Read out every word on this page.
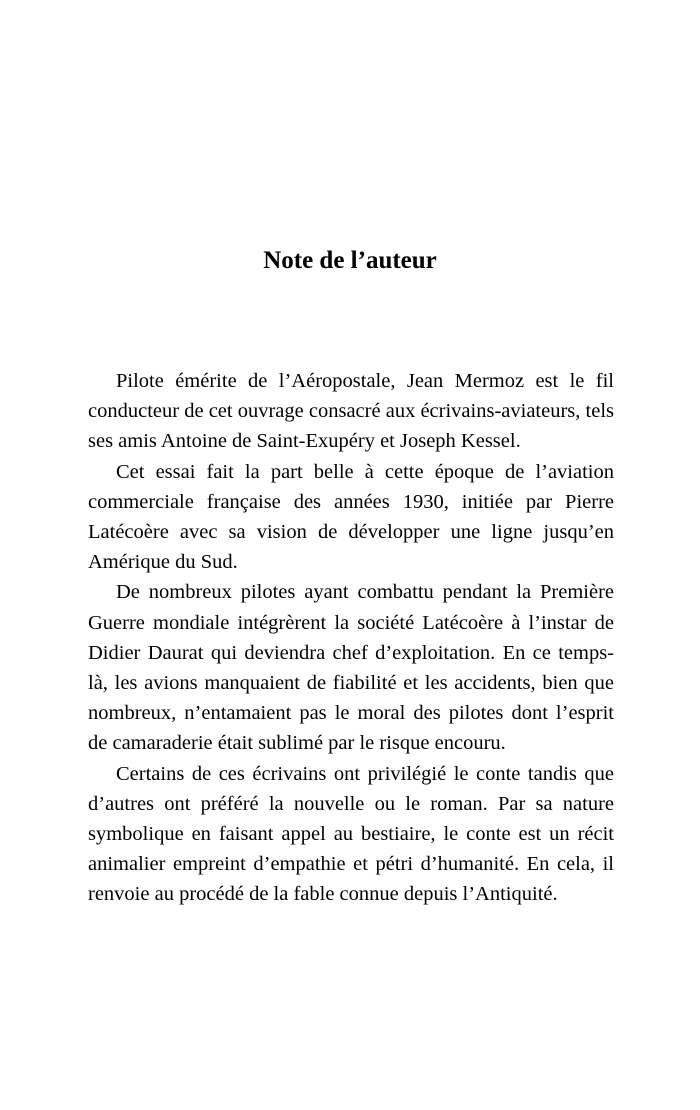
Note de l’auteur

Pilote émérite de l’Aéropostale, Jean Mermoz est le fil conducteur de cet ouvrage consacré aux écrivains-aviateurs, tels ses amis Antoine de Saint-Exupéry et Joseph Kessel.

Cet essai fait la part belle à cette époque de l’aviation commerciale française des années 1930, initiée par Pierre Latécoère avec sa vision de développer une ligne jusqu’en Amérique du Sud.

De nombreux pilotes ayant combattu pendant la Première Guerre mondiale intégrèrent la société Latécoère à l’instar de Didier Daurat qui deviendra chef d’exploitation. En ce temps-là, les avions manquaient de fiabilité et les accidents, bien que nombreux, n’entamaient pas le moral des pilotes dont l’esprit de camaraderie était sublimé par le risque encouru.

Certains de ces écrivains ont privilégié le conte tandis que d’autres ont préféré la nouvelle ou le roman. Par sa nature symbolique en faisant appel au bestiaire, le conte est un récit animalier empreint d’empathie et pétri d’humanité. En cela, il renvoie au procédé de la fable connue depuis l’Antiquité.
